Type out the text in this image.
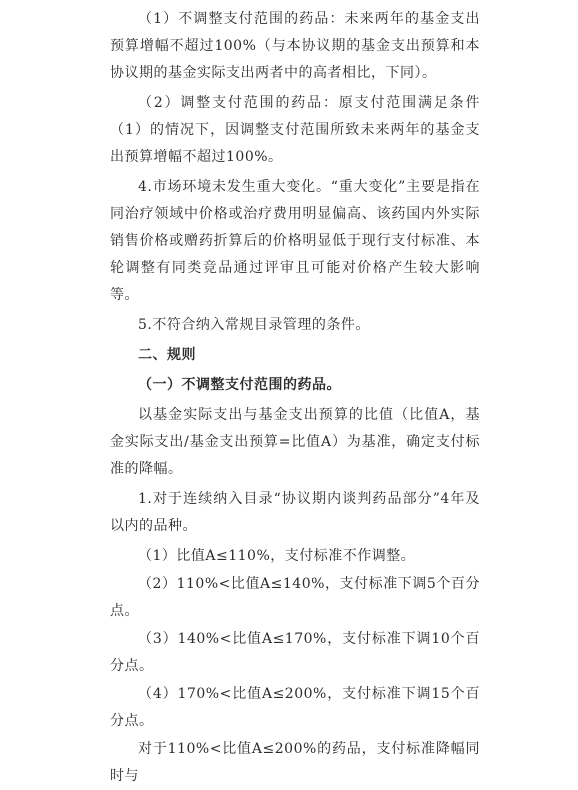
（1）不调整支付范围的药品：未来两年的基金支出预算增幅不超过100%（与本协议期的基金支出预算和本协议期的基金实际支出两者中的高者相比，下同）。

（2）调整支付范围的药品：原支付范围满足条件（1）的情况下，因调整支付范围所致未来两年的基金支出预算增幅不超过100%。

4.市场环境未发生重大变化。“重大变化”主要是指在同治疗领域中价格或治疗费用明显偏高、该药国内外实际销售价格或赠药折算后的价格明显低于现行支付标准、本轮调整有同类竞品通过评审且可能对价格产生较大影响等。

5.不符合纳入常规目录管理的条件。

二、规则

（一）不调整支付范围的药品。

以基金实际支出与基金支出预算的比值（比值A，基金实际支出/基金支出预算=比值A）为基准，确定支付标准的降幅。

1.对于连续纳入目录“协议期内谈判药品部分”4年及以内的品种。

（1）比值A≤110%，支付标准不作调整。

（2）110%<比值A≤140%，支付标准下调5个百分点。

（3）140%<比值A≤170%，支付标准下调10个百分点。

（4）170%<比值A≤200%，支付标准下调15个百分点。

对于110%<比值A≤200%的药品，支付标准降幅同时与
